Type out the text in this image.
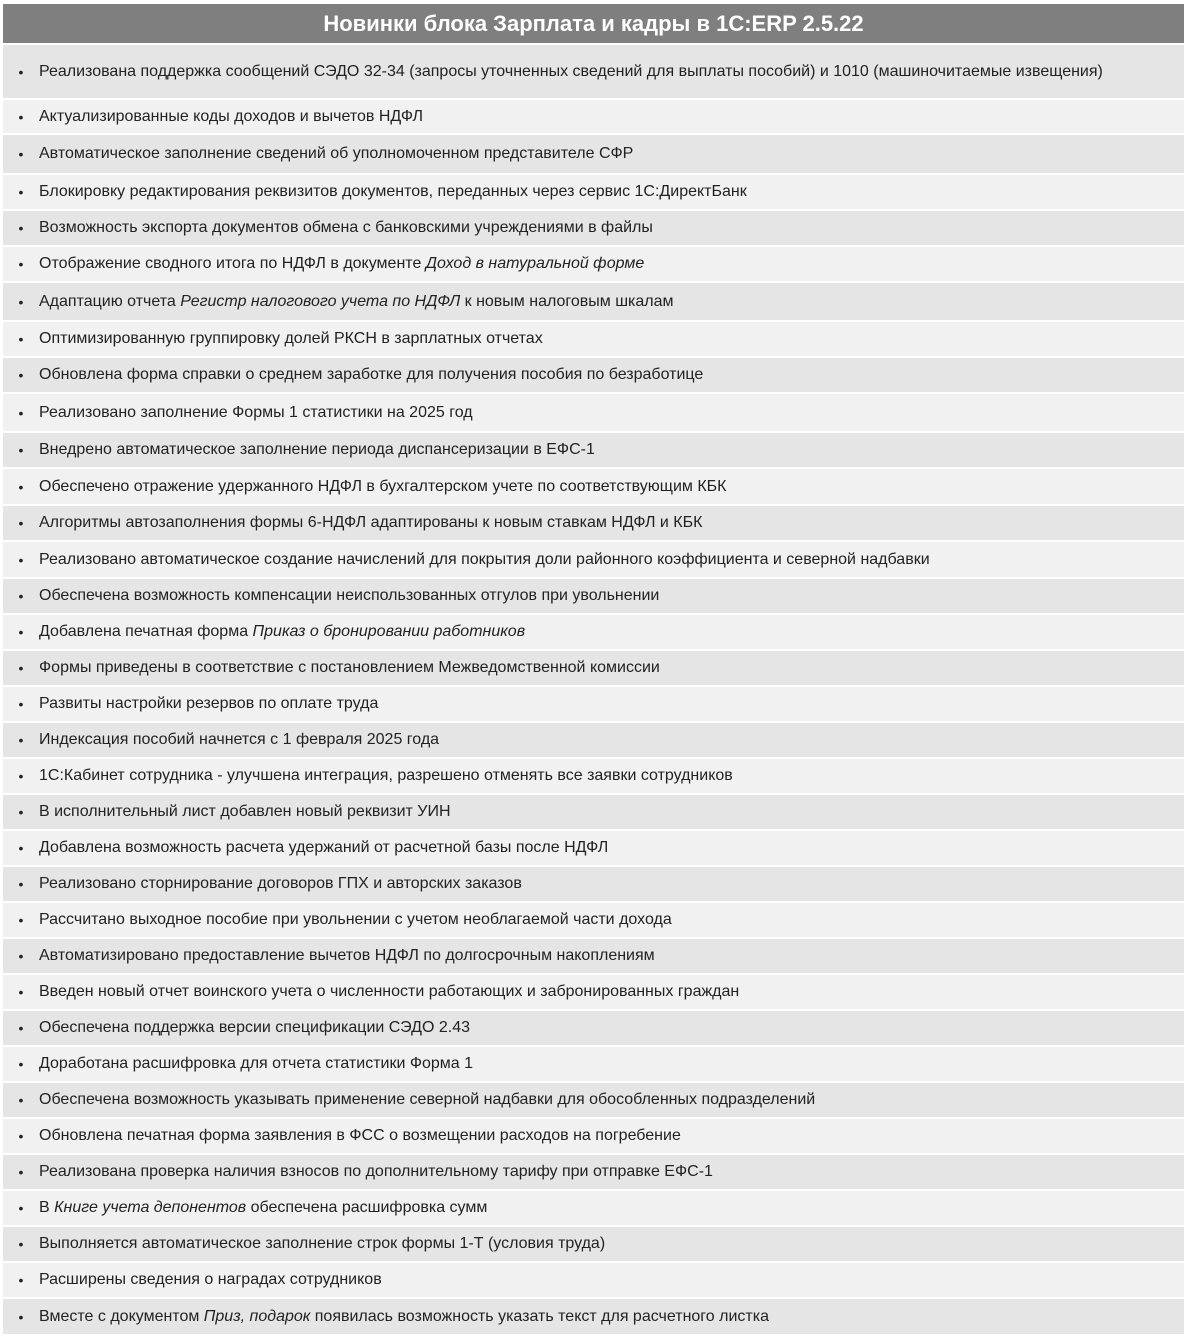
Новинки блока Зарплата и кадры в 1С:ERP 2.5.22
• Реализована поддержка сообщений СЭДО 32-34 (запросы уточненных сведений для выплаты пособий) и 1010 (машиночитаемые извещения)
• Актуализированные коды доходов и вычетов НДФЛ
• Автоматическое заполнение сведений об уполномоченном представителе СФР
• Блокировку редактирования реквизитов документов, переданных через сервис 1С:ДиректБанк
• Возможность экспорта документов обмена с банковскими учреждениями в файлы
• Отображение сводного итога по НДФЛ в документе Доход в натуральной форме
• Адаптацию отчета Регистр налогового учета по НДФЛ к новым налоговым шкалам
• Оптимизированную группировку долей РКСН в зарплатных отчетах
• Обновлена форма справки о среднем заработке для получения пособия по безработице
• Реализовано заполнение Формы 1 статистики на 2025 год
• Внедрено автоматическое заполнение периода диспансеризации в ЕФС-1
• Обеспечено отражение удержанного НДФЛ в бухгалтерском учете по соответствующим КБК
• Алгоритмы автозаполнения формы 6-НДФЛ адаптированы к новым ставкам НДФЛ и КБК
• Реализовано автоматическое создание начислений для покрытия доли районного коэффициента и северной надбавки
• Обеспечена возможность компенсации неиспользованных отгулов при увольнении
• Добавлена печатная форма Приказ о бронировании работников
• Формы приведены в соответствие с постановлением Межведомственной комиссии
• Развиты настройки резервов по оплате труда
• Индексация пособий начнется с 1 февраля 2025 года
• 1С:Кабинет сотрудника - улучшена интеграция, разрешено отменять все заявки сотрудников
• В исполнительный лист добавлен новый реквизит УИН
• Добавлена возможность расчета удержаний от расчетной базы после НДФЛ
• Реализовано сторнирование договоров ГПХ и авторских заказов
• Рассчитано выходное пособие при увольнении с учетом необлагаемой части дохода
• Автоматизировано предоставление вычетов НДФЛ по долгосрочным накоплениям
• Введен новый отчет воинского учета о численности работающих и забронированных граждан
• Обеспечена поддержка версии спецификации СЭДО 2.43
• Доработана расшифровка для отчета статистики Форма 1
• Обеспечена возможность указывать применение северной надбавки для обособленных подразделений
• Обновлена печатная форма заявления в ФСС о возмещении расходов на погребение
• Реализована проверка наличия взносов по дополнительному тарифу при отправке ЕФС-1
• В Книге учета депонентов обеспечена расшифровка сумм
• Выполняется автоматическое заполнение строк формы 1-Т (условия труда)
• Расширены сведения о наградах сотрудников
• Вместе с документом Приз, подарок появилась возможность указать текст для расчетного листка
